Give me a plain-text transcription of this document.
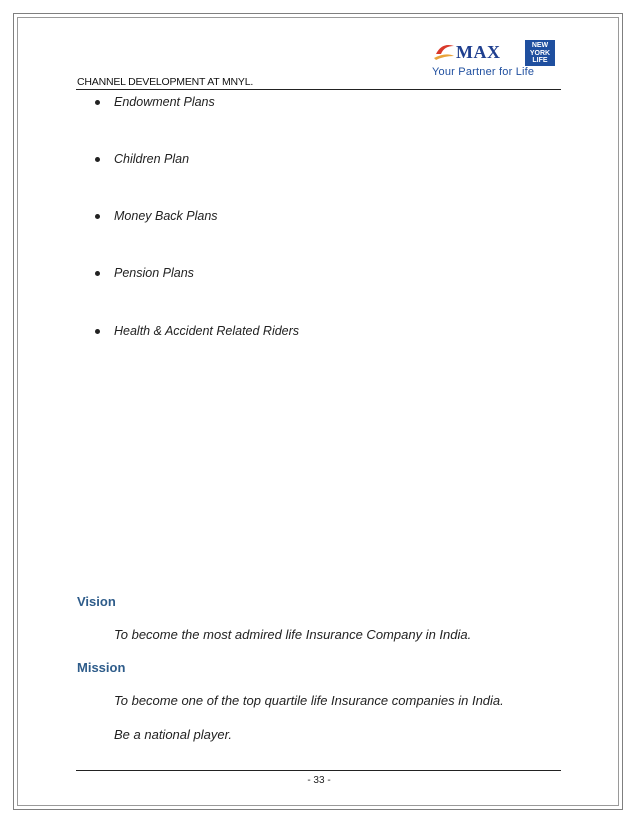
CHANNEL DEVELOPMENT AT MNYL.
MAX	NEW
YORK
LIFE
Your Partner for Life
Endowment Plans
Children Plan
Money Back Plans
Pension Plans
Health & Accident Related Riders
Vision
To become the most admired life Insurance Company in India.
Mission
To become one of the top quartile life Insurance companies in India.
Be a national player.
- 33 -
